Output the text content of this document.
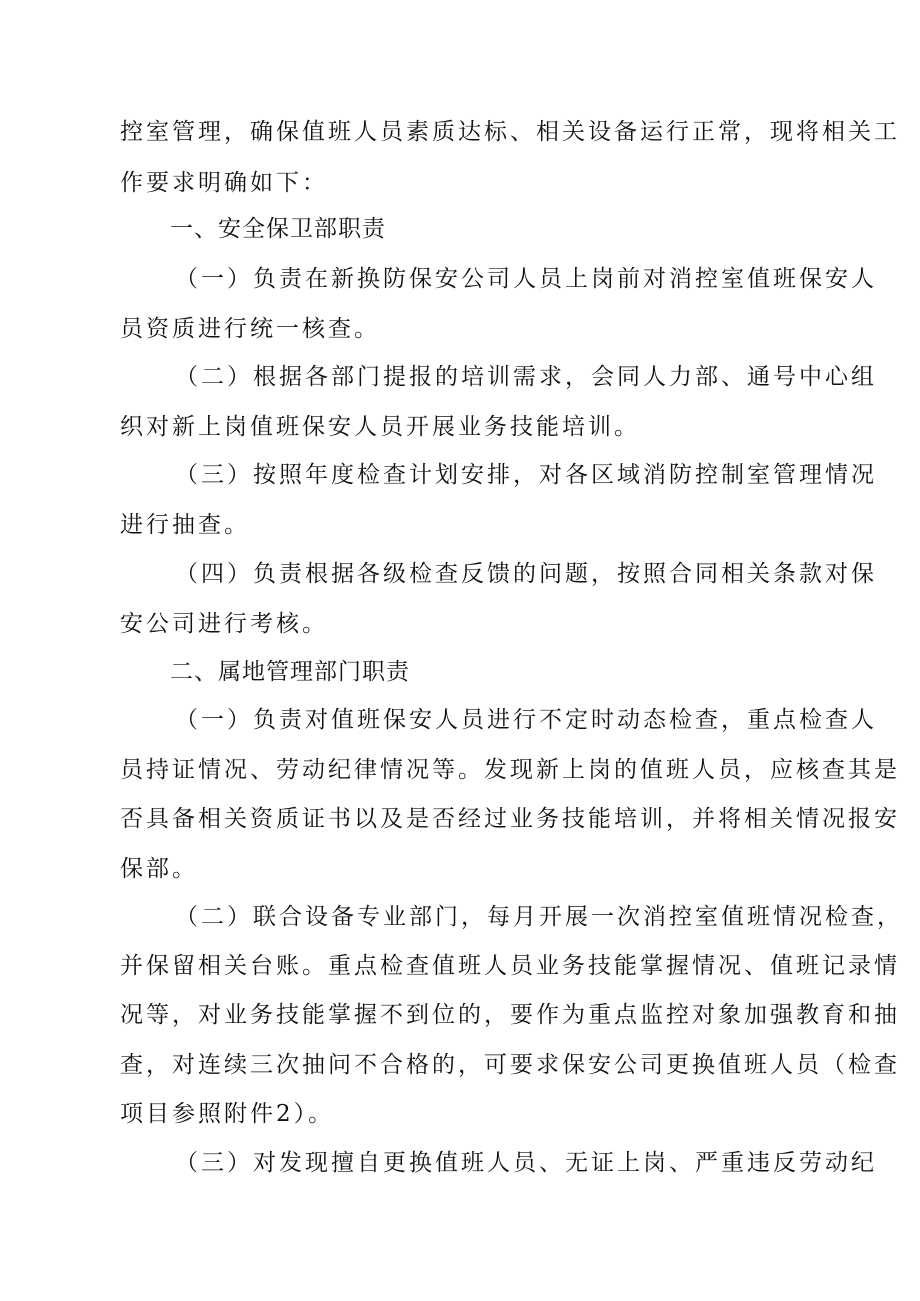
控室管理，确保值班人员素质达标、相关设备运行正常，现将相关工
作要求明确如下：
一、安全保卫部职责
（一）负责在新换防保安公司人员上岗前对消控室值班保安人
员资质进行统一核查。
（二）根据各部门提报的培训需求，会同人力部、通号中心组
织对新上岗值班保安人员开展业务技能培训。
（三）按照年度检查计划安排，对各区域消防控制室管理情况
进行抽查。
（四）负责根据各级检查反馈的问题，按照合同相关条款对保
安公司进行考核。
二、属地管理部门职责
（一）负责对值班保安人员进行不定时动态检查，重点检查人
员持证情况、劳动纪律情况等。发现新上岗的值班人员，应核查其是
否具备相关资质证书以及是否经过业务技能培训，并将相关情况报安
保部。
（二）联合设备专业部门，每月开展一次消控室值班情况检查，
并保留相关台账。重点检查值班人员业务技能掌握情况、值班记录情
况等，对业务技能掌握不到位的，要作为重点监控对象加强教育和抽
查，对连续三次抽问不合格的，可要求保安公司更换值班人员（检查
项目参照附件2）。
（三）对发现擅自更换值班人员、无证上岗、严重违反劳动纪
